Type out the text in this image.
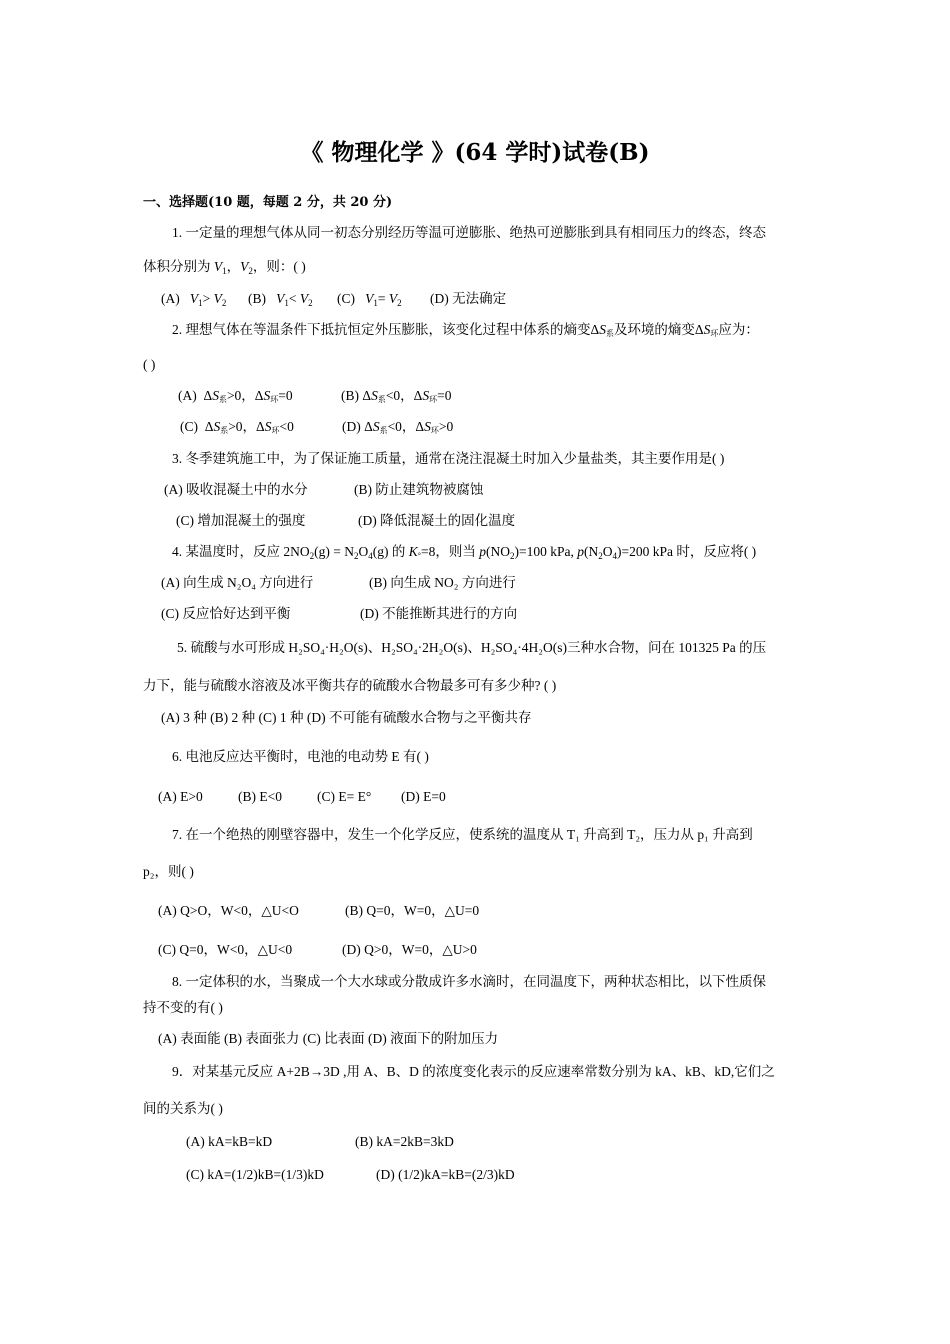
《 物理化学 》(64 学时)试卷(B)
一、选择题(10 题，每题 2 分，共 20 分)
1. 一定量的理想气体从同一初态分别经历等温可逆膨胀、绝热可逆膨胀到具有相同压力的终态，终态
体积分别为 $V_1$，$V_2$，则：( )
(A) $V_1> V_2$ (B) $V_1< V_2$ (C) $V_1= V_2$ (D) 无法确定
2. 理想气体在等温条件下抵抗恒定外压膨胀，该变化过程中体系的熵变ΔS系及环境的熵变ΔS环应为：
( )
(A)  ΔS系>0，ΔS环=0	(B) ΔS系<0，ΔS环=0
(C)  ΔS系>0，ΔS环<0	(D) ΔS系<0，ΔS环>0
3. 冬季建筑施工中，为了保证施工质量，通常在浇注混凝土时加入少量盐类，其主要作用是( )
(A) 吸收混凝土中的水分	(B) 防止建筑物被腐蚀
(C) 增加混凝土的强度	(D) 降低混凝土的固化温度
4. 某温度时，反应 $2NO_2(g) = N_2O_4(g)$ 的 K°=8，则当 $p(NO_2)=100$ kPa, $p(N_2O_4)=200$ kPa 时，反应将( )
(A) 向生成 N₂O₄ 方向进行	(B) 向生成 NO₂ 方向进行
(C) 反应恰好达到平衡	(D) 不能推断其进行的方向
5. 硫酸与水可形成 H₂SO₄·H₂O(s)、H₂SO₄·2H₂O(s)、H₂SO₄·4H₂O(s)三种水合物，问在 101325 Pa 的压
力下，能与硫酸水溶液及冰平衡共存的硫酸水合物最多可有多少种? ( )
(A) 3 种 (B) 2 种 (C) 1 种 (D) 不可能有硫酸水合物与之平衡共存
6. 电池反应达平衡时，电池的电动势 E 有( )
(A) E>0	(B) E<0	(C) E= E° (D) E=0
7. 在一个绝热的刚壁容器中，发生一个化学反应，使系统的温度从 T₁ 升高到 T₂，压力从 p₁ 升高到
p₂，则( )
(A) Q>O，W<0，△U<O	(B) Q=0，W=0，△U=0
(C) Q=0，W<0，△U<0	(D) Q>0，W=0，△U>0
8. 一定体积的水，当聚成一个大水球或分散成许多水滴时，在同温度下，两种状态相比，以下性质保
持不变的有( )
(A) 表面能 (B) 表面张力 (C) 比表面 (D) 液面下的附加压力
9．对某基元反应 A+2B→3D ,用 A、B、D 的浓度变化表示的反应速率常数分别为 kA、kB、kD,它们之
间的关系为( )
(A) kA=kB=kD	(B) kA=2kB=3kD
(C) kA=(1/2)kB=(1/3)kD	(D) (1/2)kA=kB=(2/3)kD
